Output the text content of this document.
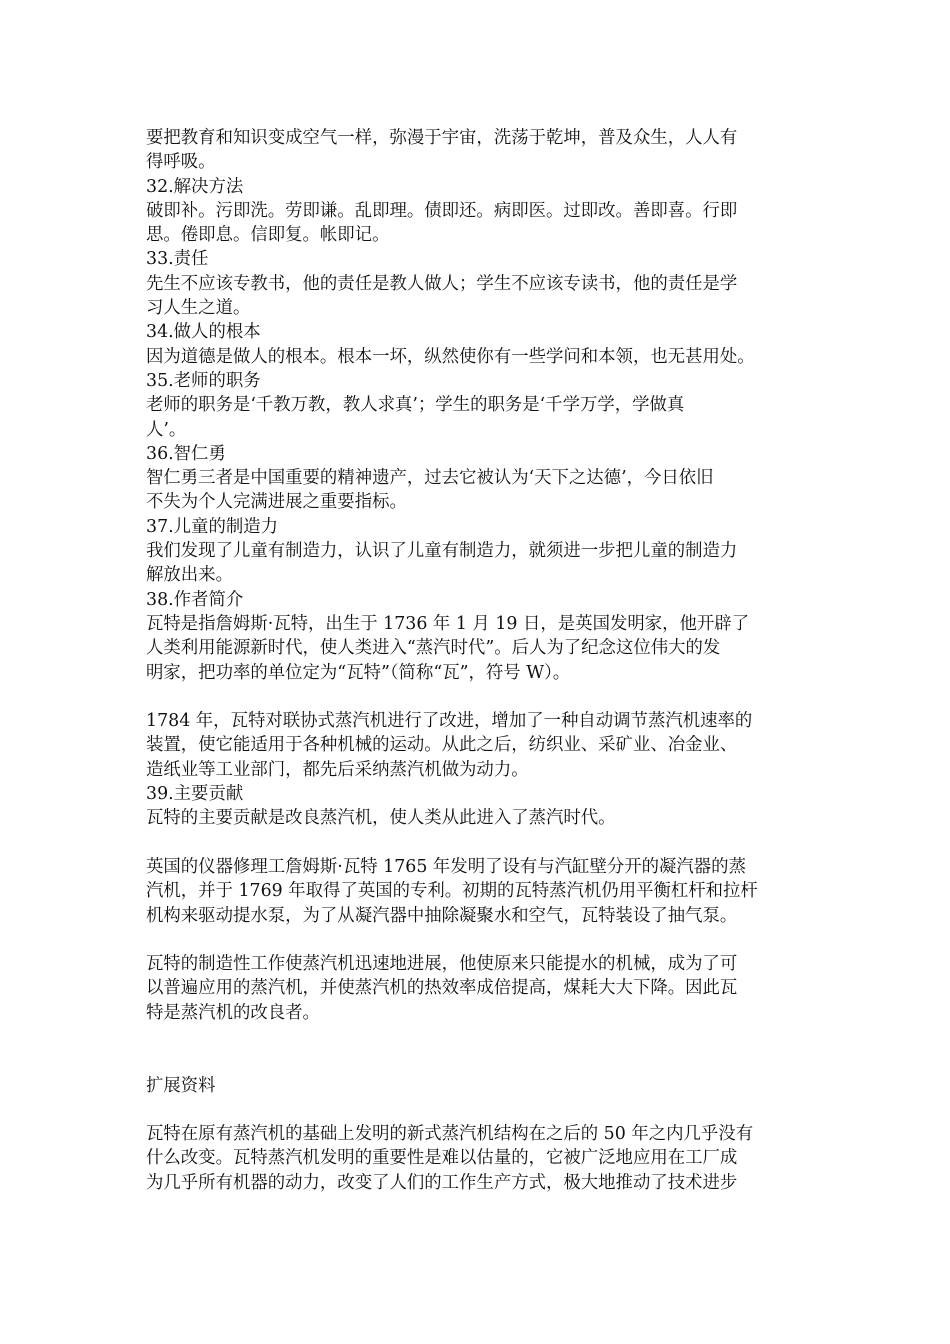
要把教育和知识变成空气一样，弥漫于宇宙，洗荡于乾坤，普及众生，人人有
得呼吸。
32.解决方法
破即补。污即洗。劳即谦。乱即理。债即还。病即医。过即改。善即喜。行即
思。倦即息。信即复。帐即记。
33.责任
先生不应该专教书，他的责任是教人做人；学生不应该专读书，他的责任是学
习人生之道。
34.做人的根本
因为道德是做人的根本。根本一坏，纵然使你有一些学问和本领，也无甚用处。
35.老师的职务
老师的职务是‘千教万教，教人求真’；学生的职务是‘千学万学，学做真
人’。
36.智仁勇
智仁勇三者是中国重要的精神遗产，过去它被认为‘天下之达德’，今日依旧
不失为个人完满进展之重要指标。
37.儿童的制造力
我们发现了儿童有制造力，认识了儿童有制造力，就须进一步把儿童的制造力
解放出来。
38.作者简介
瓦特是指詹姆斯·瓦特，出生于 1736 年 1 月 19 日，是英国发明家，他开辟了
人类利用能源新时代，使人类进入“蒸汽时代”。后人为了纪念这位伟大的发
明家，把功率的单位定为“瓦特”（简称“瓦”，符号 W）。
1784 年，瓦特对联协式蒸汽机进行了改进，增加了一种自动调节蒸汽机速率的
装置，使它能适用于各种机械的运动。从此之后，纺织业、采矿业、冶金业、
造纸业等工业部门，都先后采纳蒸汽机做为动力。
39.主要贡献
瓦特的主要贡献是改良蒸汽机，使人类从此进入了蒸汽时代。
英国的仪器修理工詹姆斯·瓦特 1765 年发明了设有与汽缸壁分开的凝汽器的蒸
汽机，并于 1769 年取得了英国的专利。初期的瓦特蒸汽机仍用平衡杠杆和拉杆
机构来驱动提水泵，为了从凝汽器中抽除凝聚水和空气，瓦特装设了抽气泵。
瓦特的制造性工作使蒸汽机迅速地进展，他使原来只能提水的机械，成为了可
以普遍应用的蒸汽机，并使蒸汽机的热效率成倍提高，煤耗大大下降。因此瓦
特是蒸汽机的改良者。
扩展资料
瓦特在原有蒸汽机的基础上发明的新式蒸汽机结构在之后的 50 年之内几乎没有
什么改变。瓦特蒸汽机发明的重要性是难以估量的，它被广泛地应用在工厂成
为几乎所有机器的动力，改变了人们的工作生产方式，极大地推动了技术进步
